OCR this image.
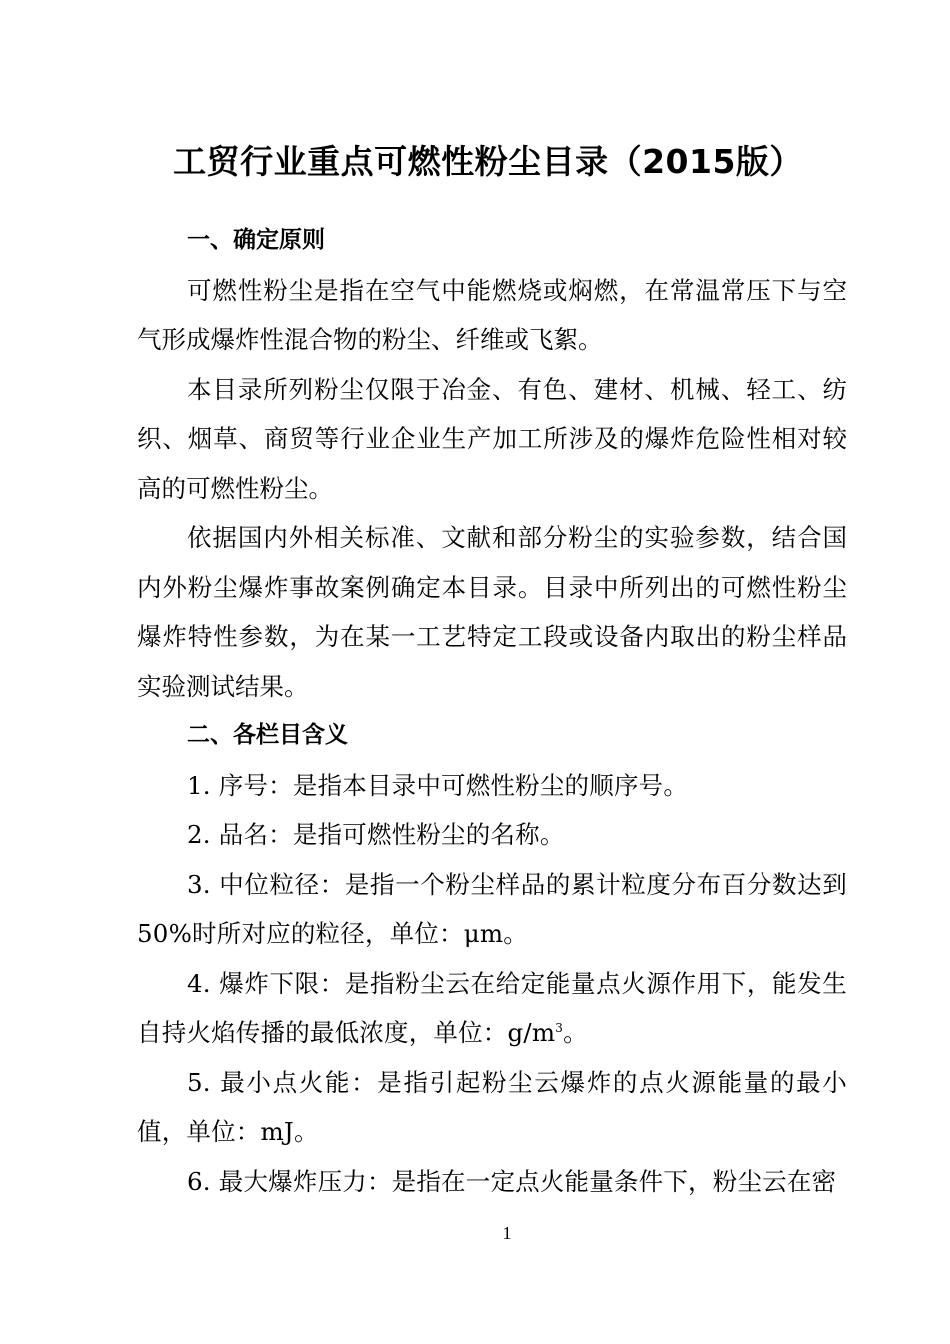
工贸行业重点可燃性粉尘目录（2015版）
一、确定原则

可燃性粉尘是指在空气中能燃烧或焖燃，在常温常压下与空气形成爆炸性混合物的粉尘、纤维或飞絮。

本目录所列粉尘仅限于冶金、有色、建材、机械、轻工、纺织、烟草、商贸等行业企业生产加工所涉及的爆炸危险性相对较高的可燃性粉尘。

依据国内外相关标准、文献和部分粉尘的实验参数，结合国内外粉尘爆炸事故案例确定本目录。目录中所列出的可燃性粉尘爆炸特性参数，为在某一工艺特定工段或设备内取出的粉尘样品实验测试结果。

二、各栏目含义

1. 序号：是指本目录中可燃性粉尘的顺序号。

2. 品名：是指可燃性粉尘的名称。

3. 中位粒径：是指一个粉尘样品的累计粒度分布百分数达到 50%时所对应的粒径，单位：μm。

4. 爆炸下限：是指粉尘云在给定能量点火源作用下，能发生自持火焰传播的最低浓度，单位：$g/m^3$。

5. 最小点火能：是指引起粉尘云爆炸的点火源能量的最小值，单位：mJ。

6. 最大爆炸压力：是指在一定点火能量条件下，粉尘云在密

1
